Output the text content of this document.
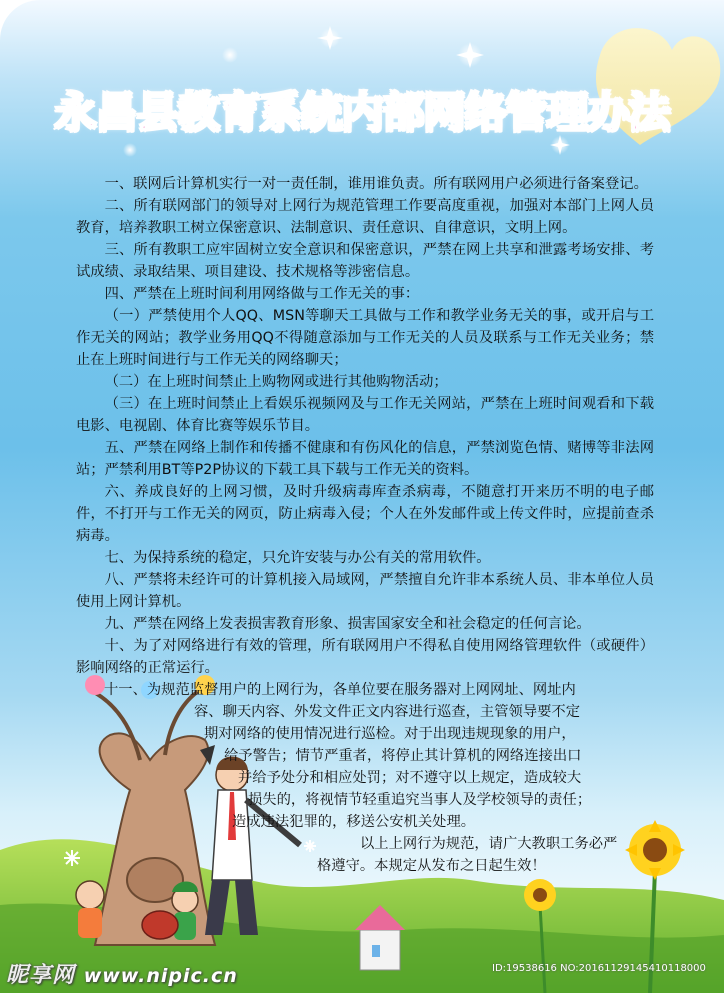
永昌县教育系统内部网络管理办法

一、联网后计算机实行一对一责任制，谁用谁负责。所有联网用户必须进行备案登记。

二、所有联网部门的领导对上网行为规范管理工作要高度重视，加强对本部门上网人员教育，培养教职工树立保密意识、法制意识、责任意识、自律意识，文明上网。

三、所有教职工应牢固树立安全意识和保密意识，严禁在网上共享和泄露考场安排、考试成绩、录取结果、项目建设、技术规格等涉密信息。

四、严禁在上班时间利用网络做与工作无关的事：

（一）严禁使用个人QQ、MSN等聊天工具做与工作和教学业务无关的事，或开启与工作无关的网站；教学业务用QQ不得随意添加与工作无关的人员及联系与工作无关业务；禁止在上班时间进行与工作无关的网络聊天；

（二）在上班时间禁止上购物网或进行其他购物活动；

（三）在上班时间禁止上看娱乐视频网及与工作无关网站，严禁在上班时间观看和下载电影、电视剧、体育比赛等娱乐节目。

五、严禁在网络上制作和传播不健康和有伤风化的信息，严禁浏览色情、赌博等非法网站；严禁利用BT等P2P协议的下载工具下载与工作无关的资料。

六、养成良好的上网习惯，及时升级病毒库查杀病毒，不随意打开来历不明的电子邮件，不打开与工作无关的网页，防止病毒入侵；个人在外发邮件或上传文件时，应提前查杀病毒。

七、为保持系统的稳定，只允许安装与办公有关的常用软件。

八、严禁将未经许可的计算机接入局域网，严禁擅自允许非本系统人员、非本单位人员使用上网计算机。

九、严禁在网络上发表损害教育形象、损害国家安全和社会稳定的任何言论。

十、为了对网络进行有效的管理，所有联网用户不得私自使用网络管理软件（或硬件）影响网络的正常运行。

十一、为规范监督用户的上网行为，各单位要在服务器对上网网址、网址内
容、聊天内容、外发文件正文内容进行巡查，主管领导要不定
期对网络的使用情况进行巡检。对于出现违规现象的用户，
给予警告；情节严重者，将停止其计算机的网络连接出口
并给予处分和相应处罚；对不遵守以上规定，造成较大
损失的，将视情节轻重追究当事人及学校领导的责任；
造成违法犯罪的，移送公安机关处理。
以上上网行为规范，请广大教职工务必严
格遵守。本规定从发布之日起生效！
昵享网 www.nipic.cn	ID:19538616 NO:20161129145410118000
